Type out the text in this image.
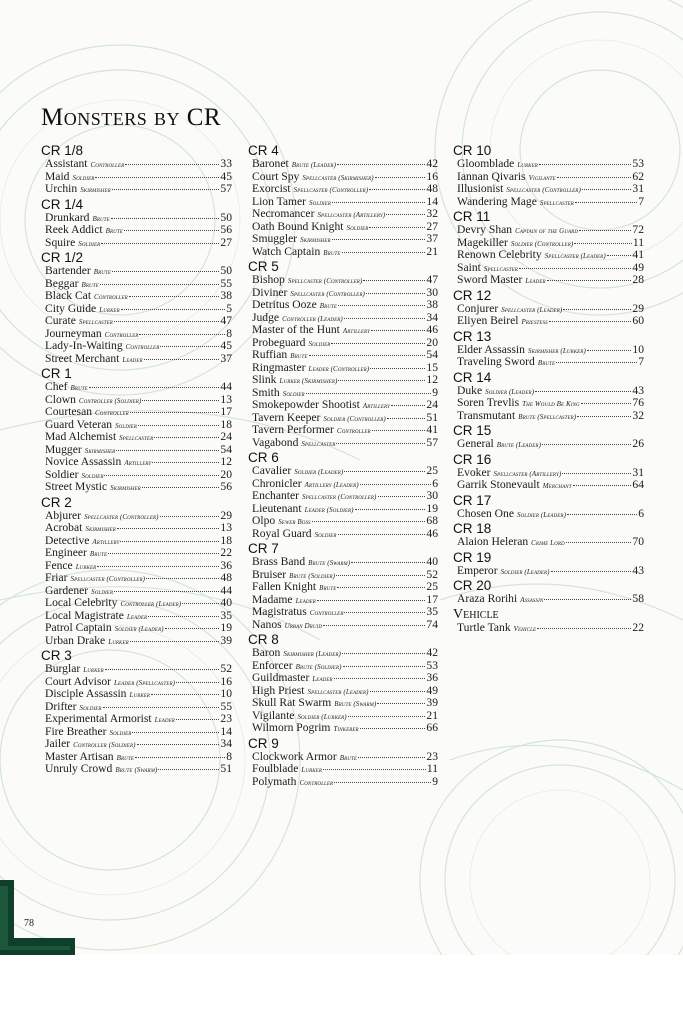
Monsters by CR
CR 1/8
Assistant Controller	33
Maid Soldier	45
Urchin Skirmisher	57
CR 1/4
Drunkard Brute	50
Reek Addict Brute	56
Squire Soldier	27
CR 1/2
Bartender Brute	50
Beggar Brute	55
Black Cat Controller	38
City Guide Lurker	5
Curate Spellcaster	47
Journeyman Controller	8
Lady-In-Waiting Controller	45
Street Merchant Leader	37
CR 1
Chef Brute	44
Clown Controller (Soldier)	13
Courtesan Controller	17
Guard Veteran Soldier	18
Mad Alchemist Spellcaster	24
Mugger Skirmisher	54
Novice Assassin Artillery	12
Soldier Soldier	20
Street Mystic Skirmisher	56
CR 2
Abjurer Spellcaster (Controller)	29
Acrobat Skirmisher	13
Detective Artillery	18
Engineer Brute	22
Fence Lurker	36
Friar Spellcaster (Controller)	48
Gardener Soldier	44
Local Celebrity Controller (Leader)	40
Local Magistrate Leader	35
Patrol Captain Soldier (Leader)	19
Urban Drake Lurker	39
CR 3
Burglar Lurker	52
Court Advisor Leader (Spellcaster)	16
Disciple Assassin Lurker	10
Drifter Soldier	55
Experimental Armorist Leader	23
Fire Breather Soldier	14
Jailer Controller (Soldier)	34
Master Artisan Brute	8
Unruly Crowd Brute (Swarm)	51
CR 4
Baronet Brute (Leader)	42
Court Spy Spellcaster (Skirmisher)	16
Exorcist Spellcaster (Controller)	48
Lion Tamer Soldier	14
Necromancer Spellcaster (Artillery)	32
Oath Bound Knight Soldier	27
Smuggler Skirmisher	37
Watch Captain Brute	21
CR 5
Bishop Spellcaster (Controller)	47
Diviner Spellcaster (Controller)	30
Detritus Ooze Brute	38
Judge Controller (Leader)	34
Master of the Hunt Artillery	46
Probeguard Soldier	20
Ruffian Brute	54
Ringmaster Leader (Controller)	15
Slink Lurker (Skirmisher)	12
Smith Soldier	9
Smokepowder Shootist Artillery	24
Tavern Keeper Soldier (Controller)	51
Tavern Performer Controller	41
Vagabond Spellcaster	57
CR 6
Cavalier Soldier (Leader)	25
Chronicler Artillery (Leader)	6
Enchanter Spellcaster (Controller)	30
Lieutenant Leader (Soldier)	19
Olpo Sewer Boss	68
Royal Guard Soldier	46
CR 7
Brass Band Brute (Swarm)	40
Bruiser Brute (Soldier)	52
Fallen Knight Brute	25
Madame Leader	17
Magistratus Controller	35
Nanos Urban Druid	74
CR 8
Baron Skirmisher (Leader)	42
Enforcer Brute (Soldier)	53
Guildmaster Leader	36
High Priest Spellcaster (Leader)	49
Skull Rat Swarm Brute (Swarm)	39
Vigilante Soldier (Lurker)	21
Wilmorn Pogrim Tinkerer	66
CR 9
Clockwork Armor Brute	23
Foulblade Lurker	11
Polymath Controller	9
CR 10
Gloomblade Lurker	53
Iannan Qivaris Vigilante	62
Illusionist Spellcaster (Controller)	31
Wandering Mage Spellcaster	7
CR 11
Devry Shan Captain of the Guard	72
Magekiller Soldier (Controller)	11
Renown Celebrity Spellcaster (Leader) 41
Saint Spellcaster	49
Sword Master Leader	28
CR 12
Conjurer Spellcaster (Leader)	29
Eliyen Beirel Priestess	60
CR 13
Elder Assassin Skirmisher (Lurker)	10
Traveling Sword Brute	7
CR 14
Duke Soldier (Leader)	43
Soren Trevlis The Would Be King	76
Transmutant Brute (Spellcaster)	32
CR 15
General Brute (Leader)	26
CR 16
Evoker Spellcaster (Artillery)	31
Garrik Stonevault Merchant	64
CR 17
Chosen One Soldier (Leader)	6
CR 18
Alaion Heleran Crime Lord	70
CR 19
Emperor Soldier (Leader)	43
CR 20
Araza Rorihi Assassin	58
Vehicle
Turtle Tank Vehicle	22
78
